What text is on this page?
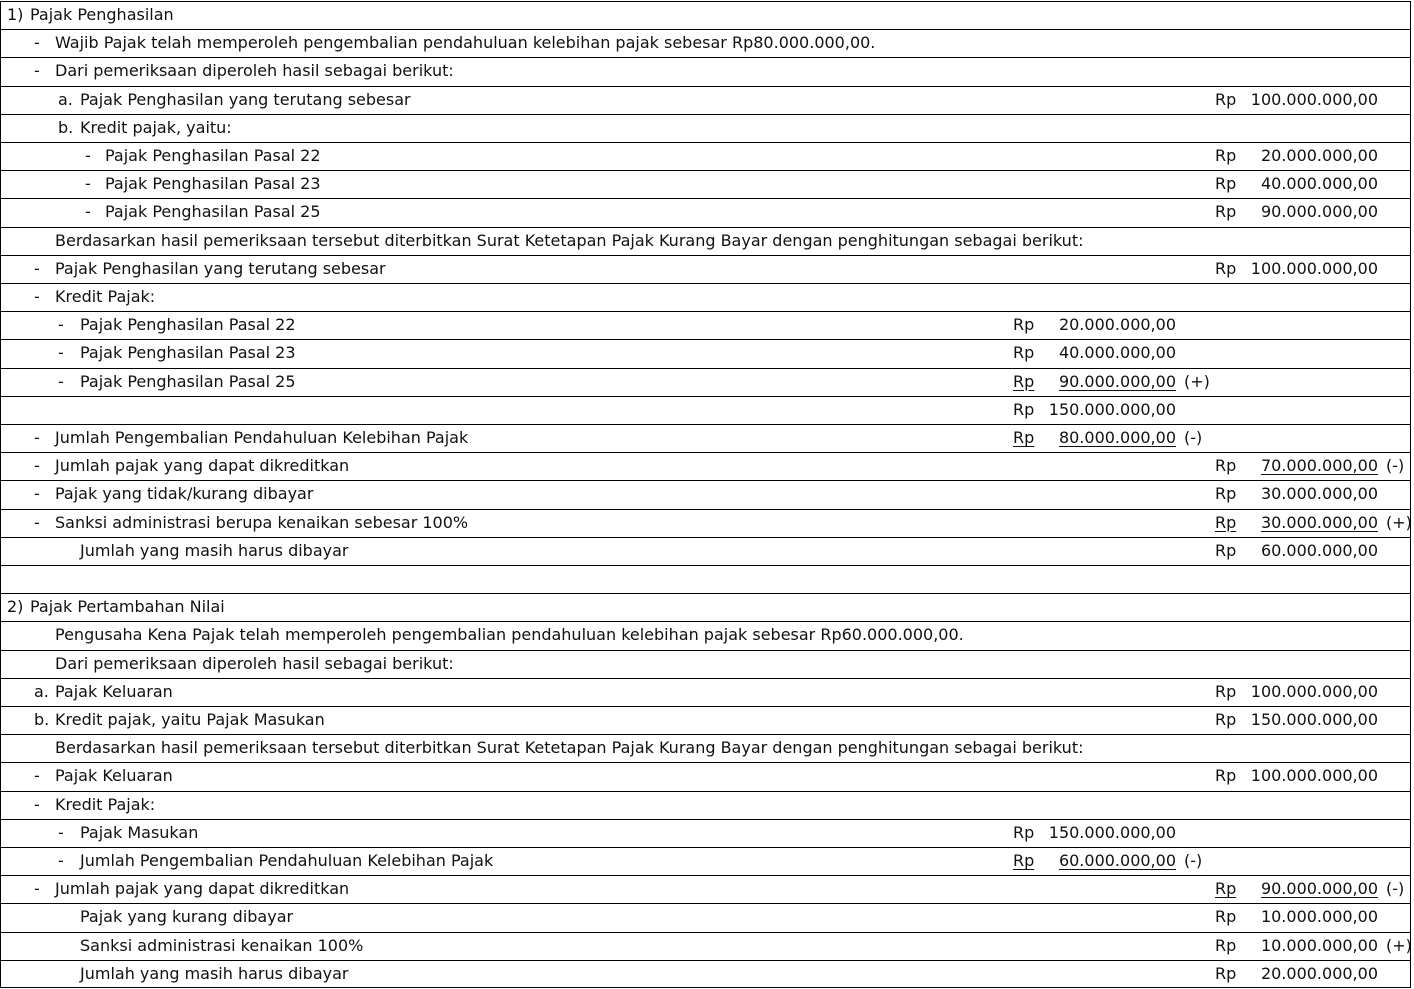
1) Pajak Penghasilan
- Wajib Pajak telah memperoleh pengembalian pendahuluan kelebihan pajak sebesar Rp80.000.000,00.
- Dari pemeriksaan diperoleh hasil sebagai berikut:
a. Pajak Penghasilan yang terutang sebesar	Rp 100.000.000,00
b. Kredit pajak, yaitu:
- Pajak Penghasilan Pasal 22	Rp 20.000.000,00
- Pajak Penghasilan Pasal 23	Rp 40.000.000,00
- Pajak Penghasilan Pasal 25	Rp 90.000.000,00
Berdasarkan hasil pemeriksaan tersebut diterbitkan Surat Ketetapan Pajak Kurang Bayar dengan penghitungan sebagai berikut:
- Pajak Penghasilan yang terutang sebesar	Rp 100.000.000,00
- Kredit Pajak:
- Pajak Penghasilan Pasal 22	Rp 20.000.000,00
- Pajak Penghasilan Pasal 23	Rp 40.000.000,00
- Pajak Penghasilan Pasal 25	Rp 90.000.000,00 (+)
Rp 150.000.000,00
- Jumlah Pengembalian Pendahuluan Kelebihan Pajak	Rp 80.000.000,00 (-)
- Jumlah pajak yang dapat dikreditkan	Rp 70.000.000,00 (-)
- Pajak yang tidak/kurang dibayar	Rp 30.000.000,00
- Sanksi administrasi berupa kenaikan sebesar 100%	Rp 30.000.000,00 (+)
Jumlah yang masih harus dibayar	Rp 60.000.000,00
2) Pajak Pertambahan Nilai
Pengusaha Kena Pajak telah memperoleh pengembalian pendahuluan kelebihan pajak sebesar Rp60.000.000,00.
Dari pemeriksaan diperoleh hasil sebagai berikut:
a. Pajak Keluaran	Rp 100.000.000,00
b. Kredit pajak, yaitu Pajak Masukan	Rp 150.000.000,00
Berdasarkan hasil pemeriksaan tersebut diterbitkan Surat Ketetapan Pajak Kurang Bayar dengan penghitungan sebagai berikut:
- Pajak Keluaran	Rp 100.000.000,00
- Kredit Pajak:
- Pajak Masukan	Rp 150.000.000,00
- Jumlah Pengembalian Pendahuluan Kelebihan Pajak	Rp 60.000.000,00 (-)
- Jumlah pajak yang dapat dikreditkan	Rp 90.000.000,00 (-)
Pajak yang kurang dibayar	Rp 10.000.000,00
Sanksi administrasi kenaikan 100%	Rp 10.000.000,00 (+)
Jumlah yang masih harus dibayar	Rp 20.000.000,00
